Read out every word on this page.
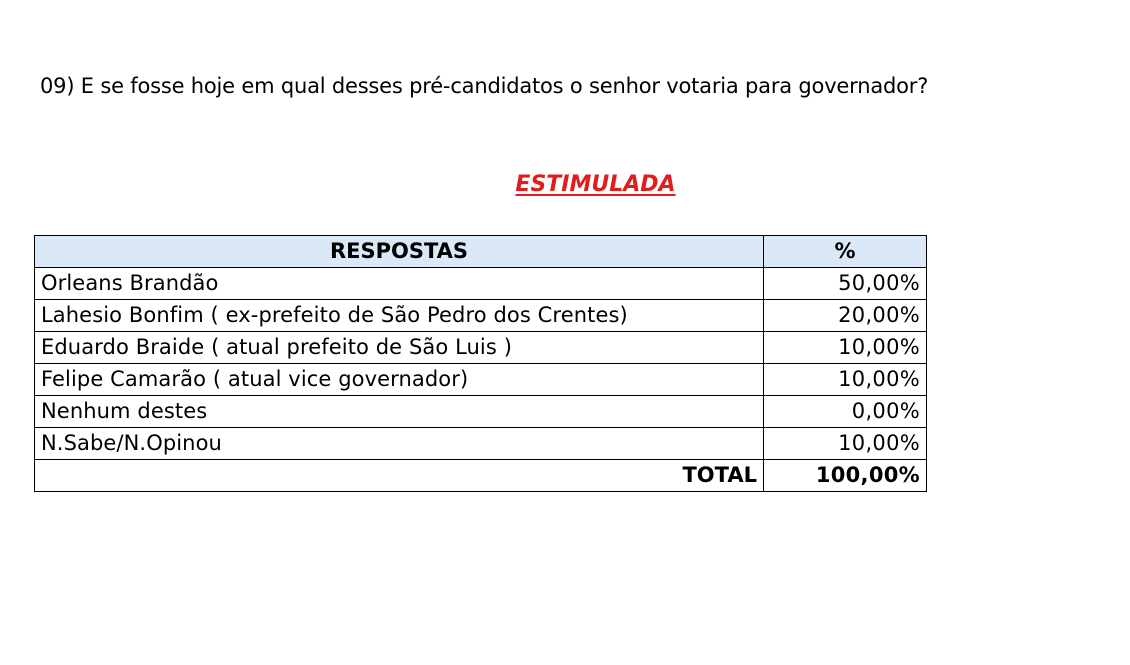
09) E se fosse hoje em qual desses pré-candidatos o senhor votaria para governador?
ESTIMULADA
RESPOSTAS	%
Orleans Brandão	50,00%
Lahesio Bonfim ( ex-prefeito de São Pedro dos Crentes)	20,00%
Eduardo Braide ( atual prefeito de São Luis )	10,00%
Felipe Camarão ( atual vice governador)	10,00%
Nenhum destes	0,00%
N.Sabe/N.Opinou	10,00%
TOTAL	100,00%
